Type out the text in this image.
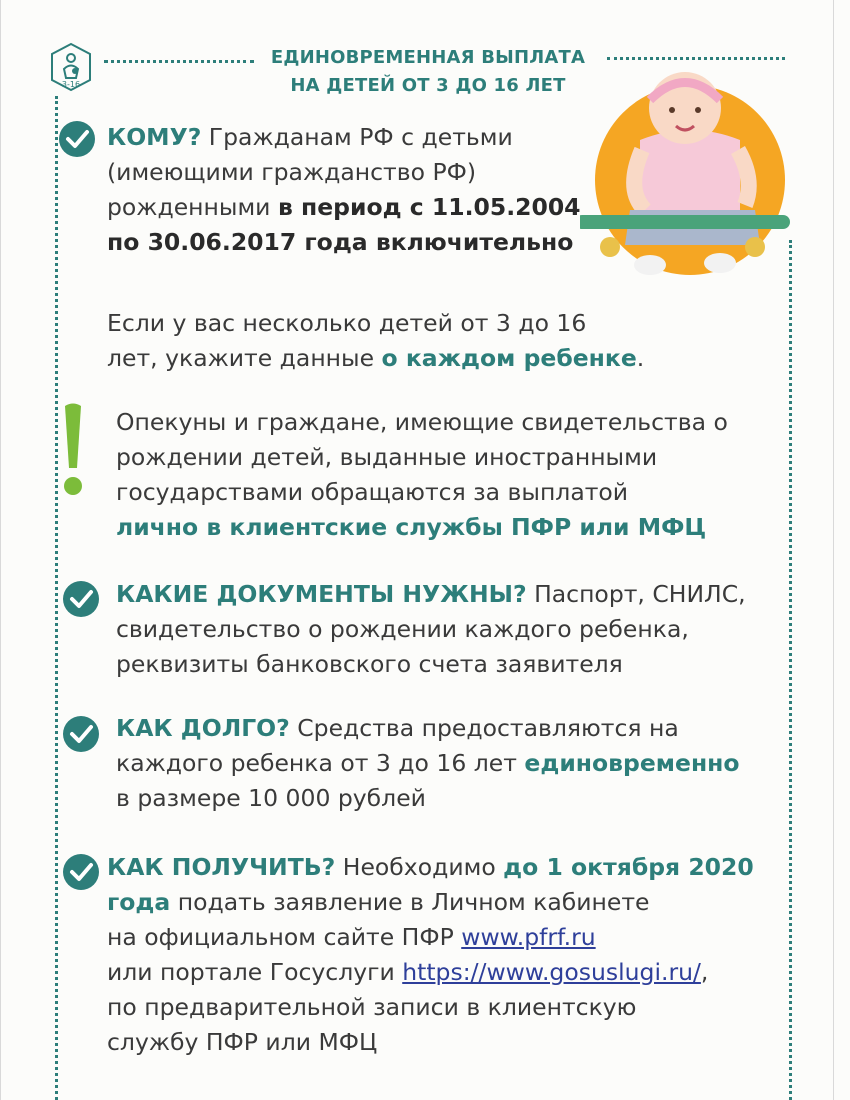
3-16
ЕДИНОВРЕМЕННАЯ ВЫПЛАТА
НА ДЕТЕЙ ОТ 3 ДО 16 ЛЕТ
КОМУ? Гражданам РФ с детьми
(имеющими гражданство РФ)
рожденными в период с 11.05.2004
по 30.06.2017 года включительно
Если у вас несколько детей от 3 до 16
лет, укажите данные о каждом ребенке.
Опекуны и граждане, имеющие свидетельства о
рождении детей, выданные иностранными
государствами обращаются за выплатой
лично в клиентские службы ПФР или МФЦ
КАКИЕ ДОКУМЕНТЫ НУЖНЫ? Паспорт, СНИЛС,
свидетельство о рождении каждого ребенка,
реквизиты банковского счета заявителя
КАК ДОЛГО? Средства предоставляются на
каждого ребенка от 3 до 16 лет единовременно
в размере 10 000 рублей
КАК ПОЛУЧИТЬ? Необходимо до 1 октября 2020
года подать заявление в Личном кабинете
на официальном сайте ПФР www.pfrf.ru
или портале Госуслуги https://www.gosuslugi.ru/,
по предварительной записи в клиентскую
службу ПФР или МФЦ
